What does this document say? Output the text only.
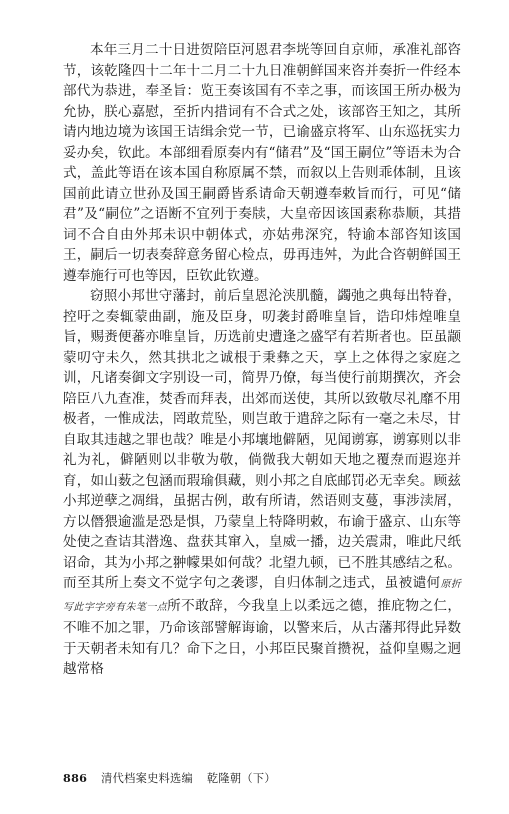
本年三月二十日进贺陪臣河恩君李垙等回自京师，承准礼部咨节，该乾隆四十二年十二月二十九日准朝鲜国来咨并奏折一件经本部代为恭进，奉圣旨：览王奏该国有不幸之事，而该国王所办极为允协，朕心嘉慰，至折内措词有不合式之处，该部咨王知之，其所请内地边境为该国王诘缉余党一节，已谕盛京将军、山东巡抚实力妥办矣，钦此。本部细看原奏内有“储君”及“国王嗣位”等语未为合式，盖此等语在该本国自称原属不禁，而叙以上告则乖体制，且该国前此请立世孙及国王嗣爵皆系请命天朝遵奉敕旨而行，可见“储君”及“嗣位”之语断不宜列于奏牍，大皇帝因该国素称恭顺，其措词不合自由外邦未识中朝体式，亦姑弗深究，特谕本部咨知该国王，嗣后一切表奏辞意务留心检点，毋再违舛，为此合咨朝鲜国王遵奉施行可也等因，臣钦此钦遵。

窃照小邦世守藩封，前后皇恩沦浃肌髓，蠲弛之典每出特眷，控吁之奏辄蒙曲副，施及臣身，叨袭封爵唯皇旨，诰印炜煌唯皇旨，赐赉便蕃亦唯皇旨，历选前史遭逢之盛罕有若斯者也。臣虽颛蒙叨守未久，然其拱北之诚根于秉彝之天，享上之体得之家庭之训，凡诸奏御文字别设一司，简畀乃僚，每当使行前期撰次，齐会陪臣八九查准，焚香而拜表，出郊而送使，其所以致敬尽礼靡不用极者，一惟成法，罔敢荒坠，则岂敢于遣辞之际有一毫之未尽，甘自取其违越之罪也哉？唯是小邦壤地僻陋，见闻谫寡，谫寡则以非礼为礼，僻陋则以非敬为敬，倘微我大朝如天地之覆焘而遐迩并育，如山薮之包涵而瑕瑜俱藏，则小邦之自底邮罚必无幸矣。顾兹小邦逆孽之凋缉，虽据古例，敢有所请，然语则支蔓，事涉渎屑，方以僭猥逾滥是恐是惧，乃蒙皇上特降明敕，布谕于盛京、山东等处使之查诘其潜逸、盘获其窜入，皇威一播，边关震肃，唯此尺纸诏命，其为小邦之翀幪果如何哉？北望九顿，已不胜其感结之私。而至其所上奏文不觉字句之袭谬，自归体制之违式，虽被谴何原折写此字字旁有朱笔一点所不敢辞，今我皇上以柔远之德，推庇物之仁，不唯不加之罪，乃命该部譬解诲谕，以警来后，从古藩邦得此异数于天朝者未知有几？命下之日，小邦臣民聚首攒祝，益仰皇赐之迥越常格

886 清代档案史料选编 乾隆朝（下）
